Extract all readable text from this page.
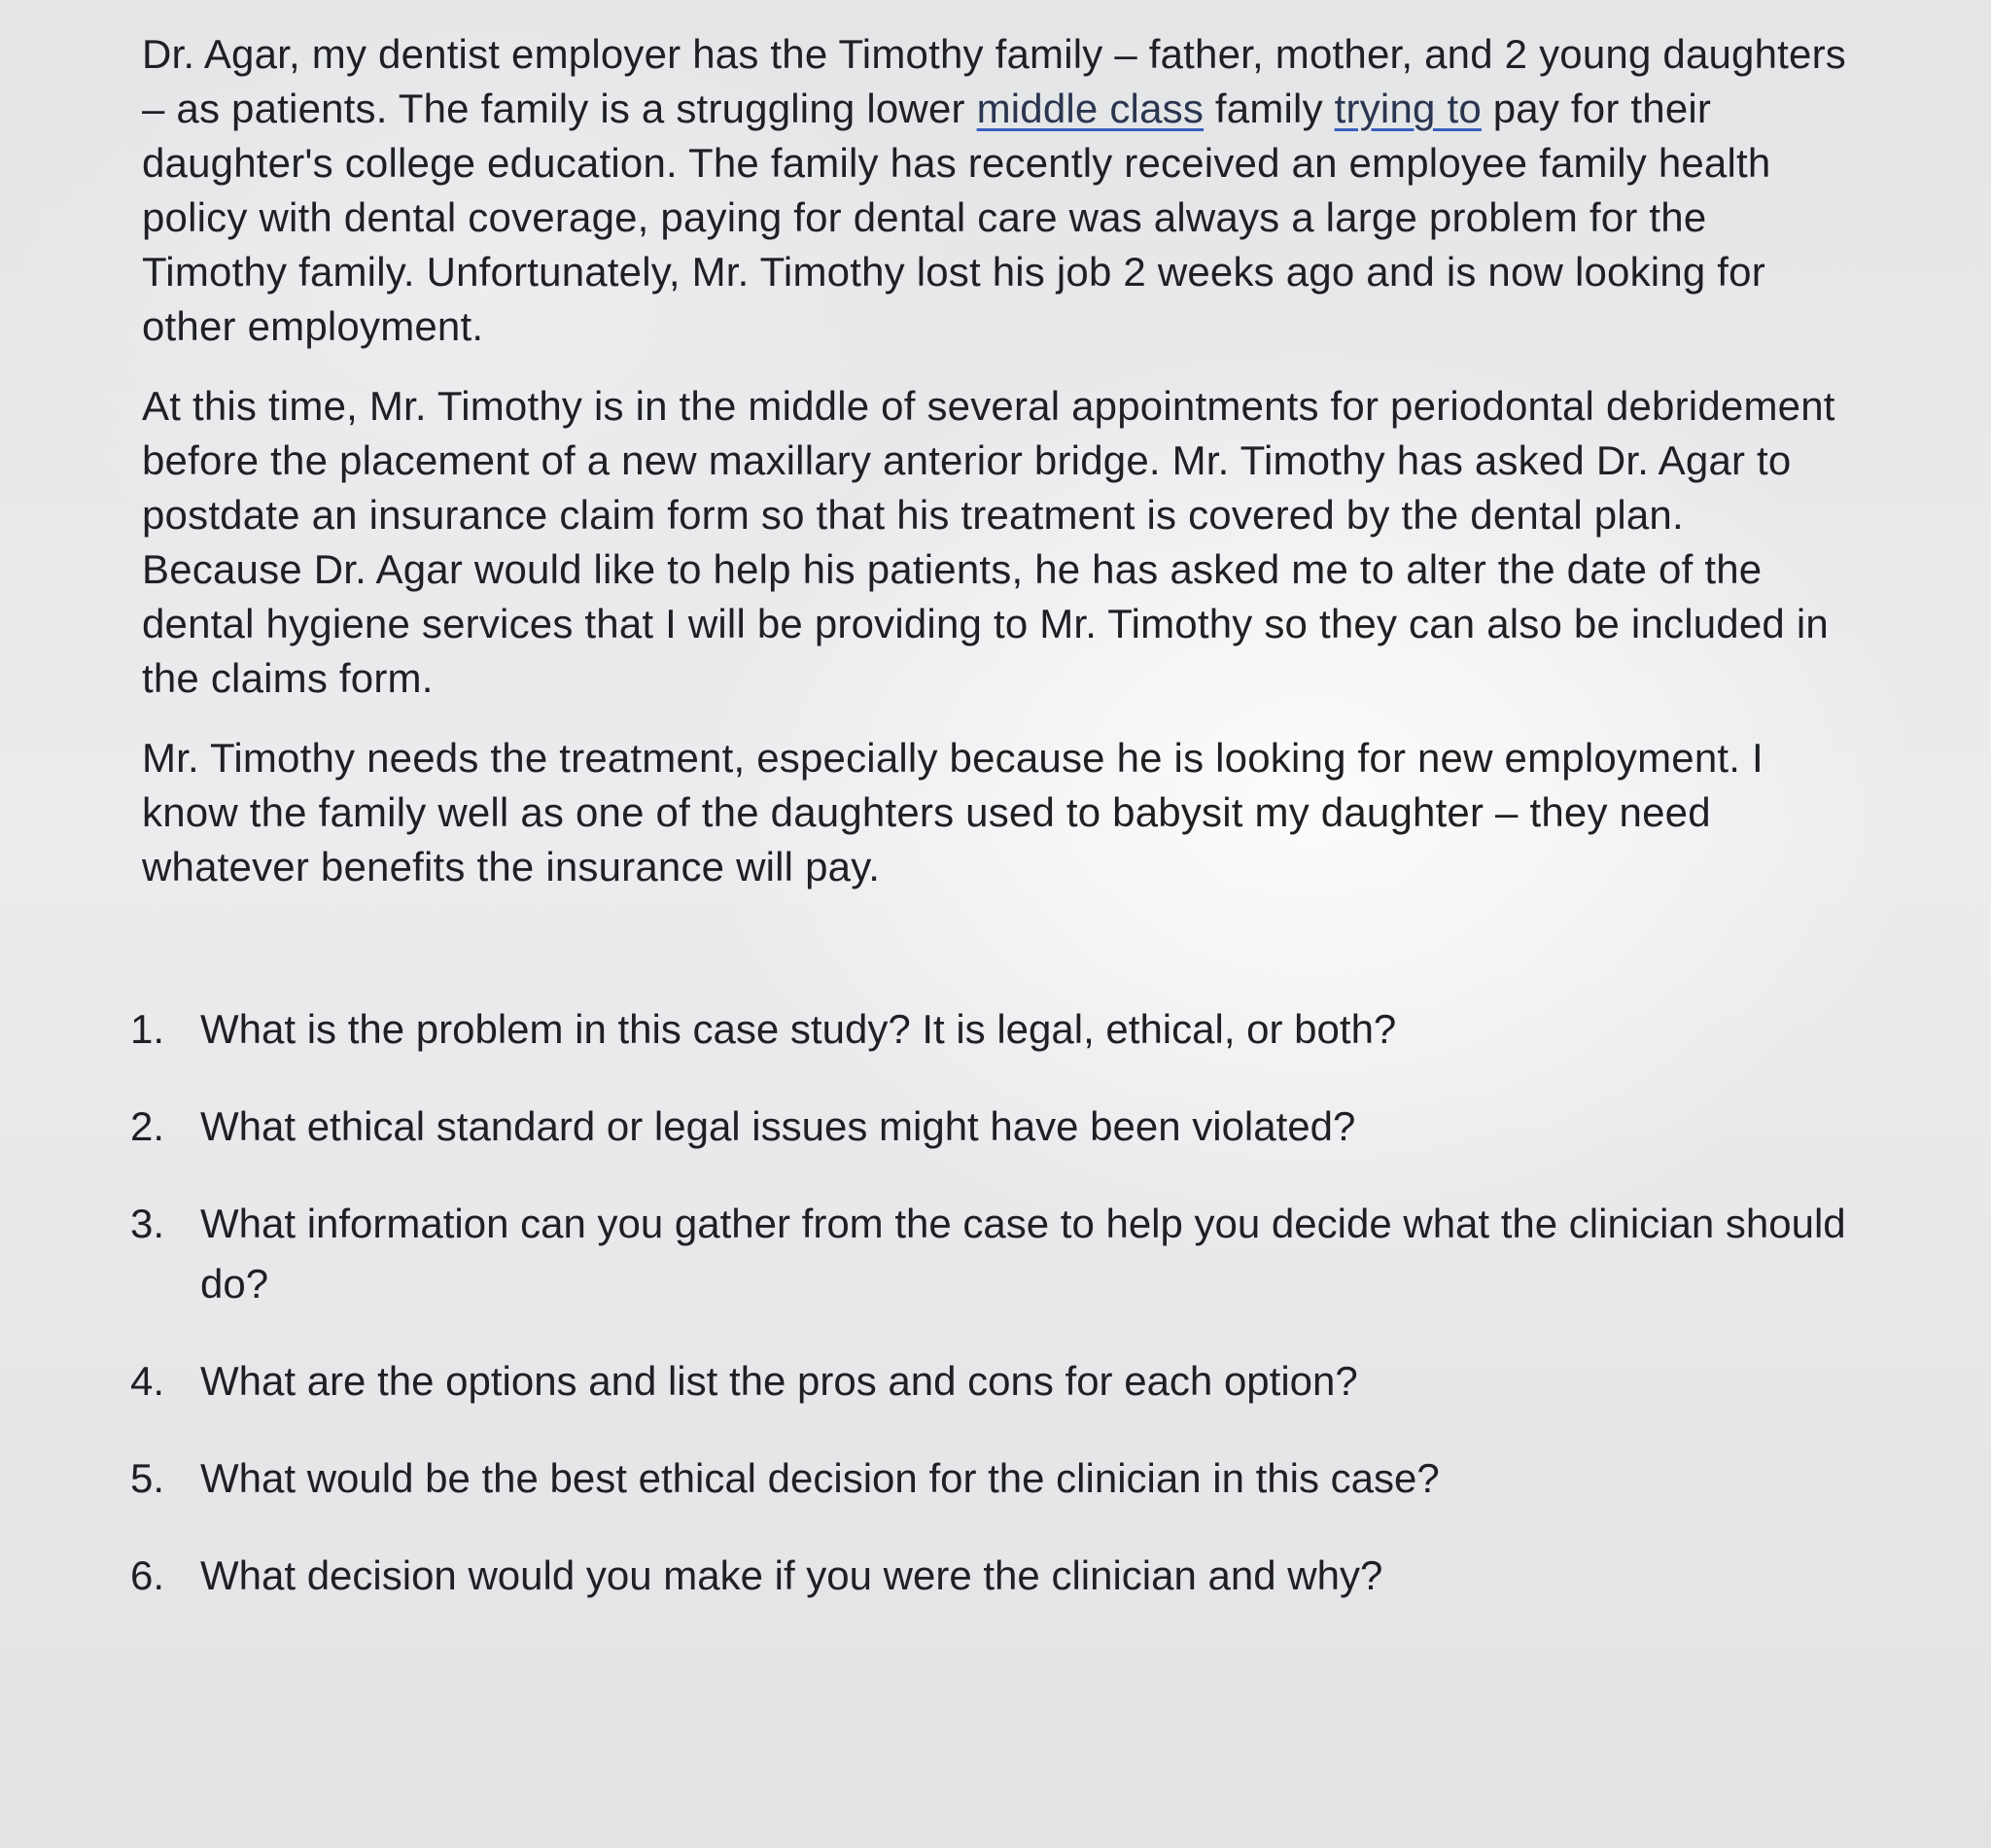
Dr. Agar, my dentist employer has the Timothy family – father, mother, and 2 young daughters – as patients. The family is a struggling lower middle class family trying to pay for their daughter's college education. The family has recently received an employee family health policy with dental coverage, paying for dental care was always a large problem for the Timothy family. Unfortunately, Mr. Timothy lost his job 2 weeks ago and is now looking for other employment.

At this time, Mr. Timothy is in the middle of several appointments for periodontal debridement before the placement of a new maxillary anterior bridge. Mr. Timothy has asked Dr. Agar to postdate an insurance claim form so that his treatment is covered by the dental plan. Because Dr. Agar would like to help his patients, he has asked me to alter the date of the dental hygiene services that I will be providing to Mr. Timothy so they can also be included in the claims form.

Mr. Timothy needs the treatment, especially because he is looking for new employment. I know the family well as one of the daughters used to babysit my daughter – they need whatever benefits the insurance will pay.

1. What is the problem in this case study? It is legal, ethical, or both?
2. What ethical standard or legal issues might have been violated?
3. What information can you gather from the case to help you decide what the clinician should do?
4. What are the options and list the pros and cons for each option?
5. What would be the best ethical decision for the clinician in this case?
6. What decision would you make if you were the clinician and why?
